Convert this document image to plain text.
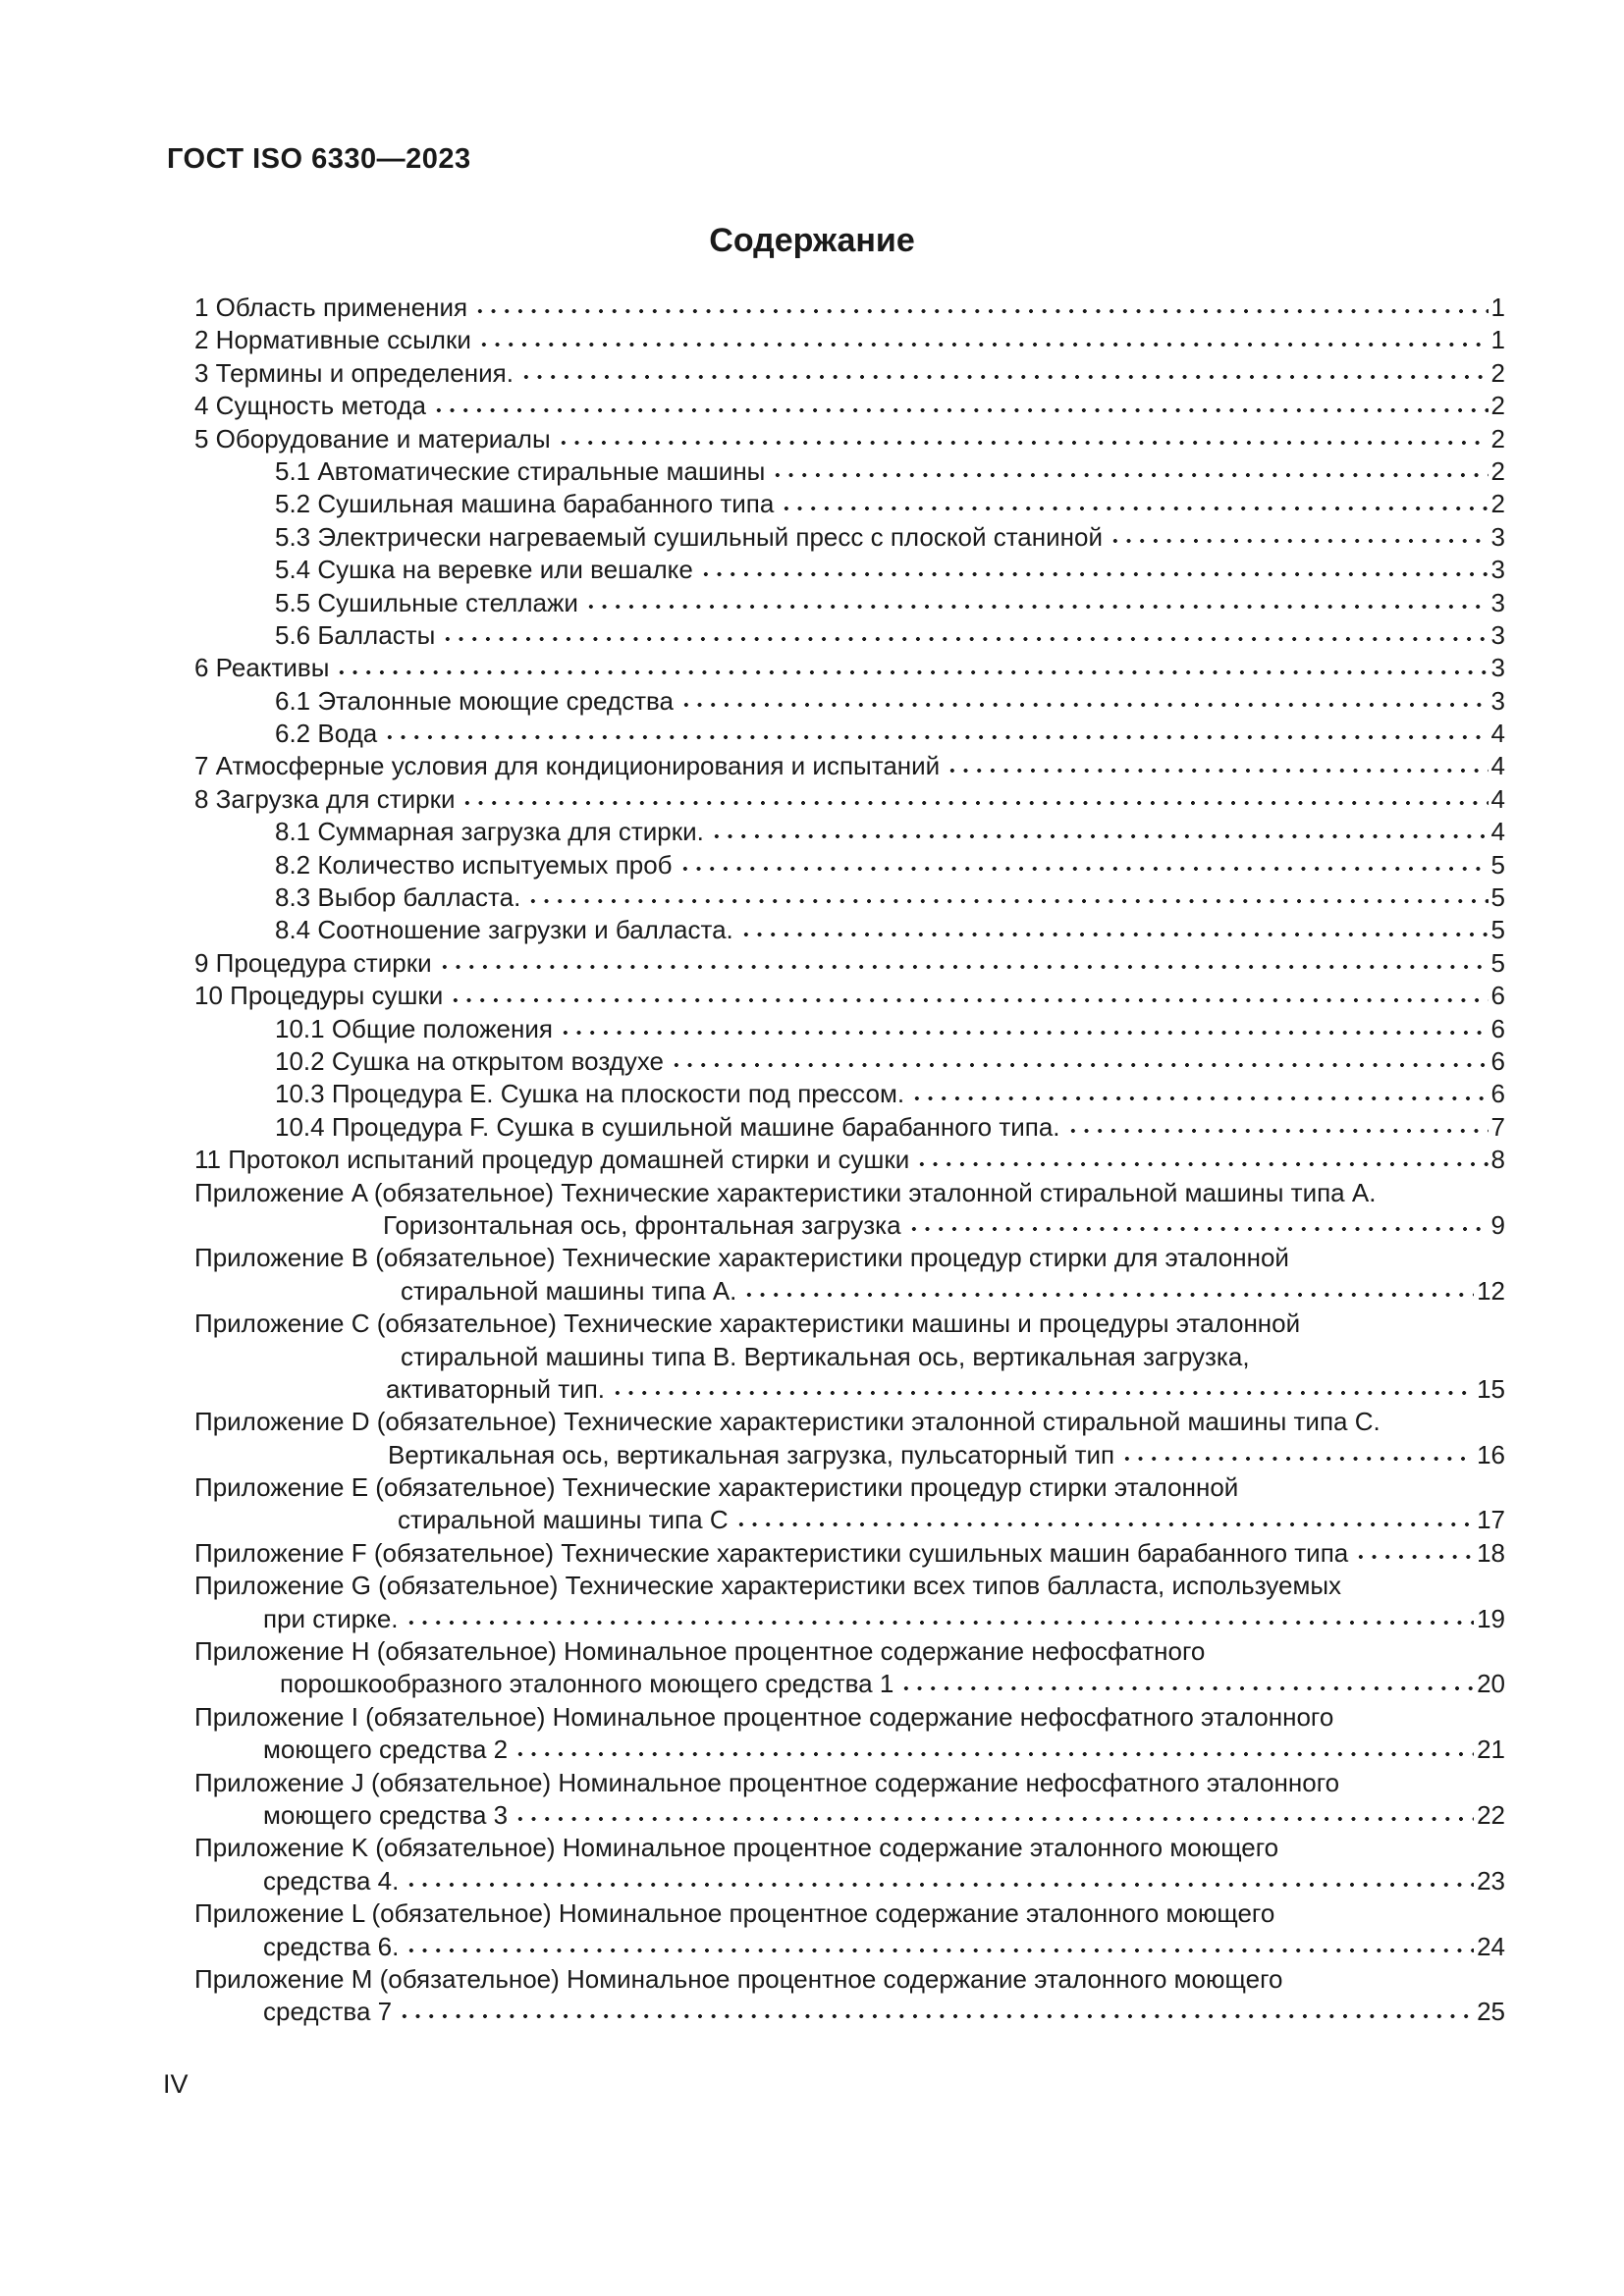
ГОСТ ISO 6330—2023
Содержание
1 Область применения	1
2 Нормативные ссылки	1
3 Термины и определения.	2
4 Сущность метода	2
5 Оборудование и материалы	2
5.1 Автоматические стиральные машины	2
5.2 Сушильная машина барабанного типа	2
5.3 Электрически нагреваемый сушильный пресс с плоской станиной	3
5.4 Сушка на веревке или вешалке	3
5.5 Сушильные стеллажи	3
5.6 Балласты	3
6 Реактивы	3
6.1 Эталонные моющие средства	3
6.2 Вода	4
7 Атмосферные условия для кондиционирования и испытаний	4
8 Загрузка для стирки	4
8.1 Суммарная загрузка для стирки.	4
8.2 Количество испытуемых проб	5
8.3 Выбор балласта.	5
8.4 Соотношение загрузки и балласта.	5
9 Процедура стирки	5
10 Процедуры сушки	6
10.1 Общие положения	6
10.2 Сушка на открытом воздухе	6
10.3 Процедура E. Сушка на плоскости под прессом.	6
10.4 Процедура F. Сушка в сушильной машине барабанного типа.	7
11 Протокол испытаний процедур домашней стирки и сушки	8
Приложение A (обязательное) Технические характеристики эталонной стиральной машины типа A.
Горизонтальная ось, фронтальная загрузка	9
Приложение B (обязательное) Технические характеристики процедур стирки для эталонной
стиральной машины типа A.	12
Приложение C (обязательное) Технические характеристики машины и процедуры эталонной
стиральной машины типа B. Вертикальная ось, вертикальная загрузка,
активаторный тип.	15
Приложение D (обязательное) Технические характеристики эталонной стиральной машины типа C.
Вертикальная ось, вертикальная загрузка, пульсаторный тип	16
Приложение E (обязательное) Технические характеристики процедур стирки эталонной
стиральной машины типа C	17
Приложение F (обязательное) Технические характеристики сушильных машин барабанного типа	18
Приложение G (обязательное) Технические характеристики всех типов балласта, используемых
при стирке.	19
Приложение H (обязательное) Номинальное процентное содержание нефосфатного
порошкообразного эталонного моющего средства 1	20
Приложение I (обязательное) Номинальное процентное содержание нефосфатного эталонного
моющего средства 2	21
Приложение J (обязательное) Номинальное процентное содержание нефосфатного эталонного
моющего средства 3	22
Приложение K (обязательное) Номинальное процентное содержание эталонного моющего
средства 4.	23
Приложение L (обязательное) Номинальное процентное содержание эталонного моющего
средства 6.	24
Приложение M (обязательное) Номинальное процентное содержание эталонного моющего
средства 7	25
IV
